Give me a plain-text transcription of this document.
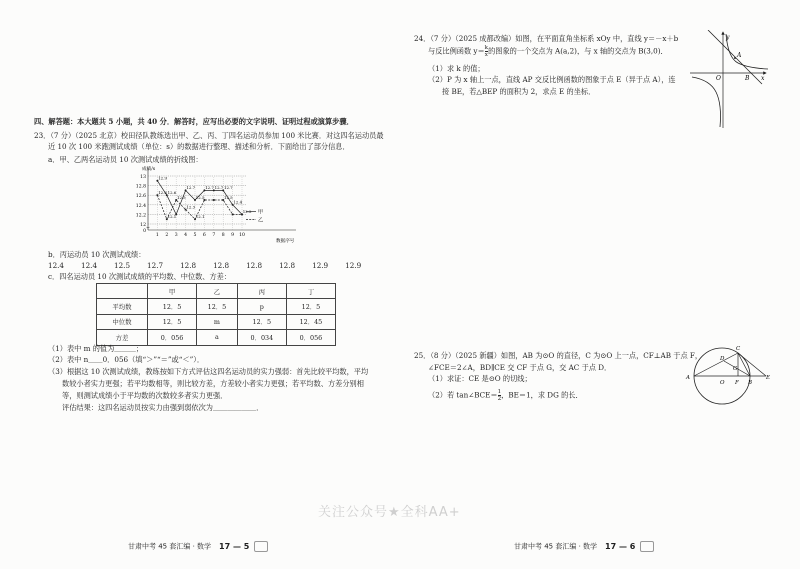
四、解答题：本大题共 5 小题，共 40 分．解答时，应写出必要的文字说明、证明过程或演算步骤．
23．（7 分）（2025 北京）校田径队教练选出甲、乙、丙、丁四名运动员参加 100 米比赛．对这四名运动员最
近 10 次 100 米跑测试成绩（单位：s）的数据进行整理、描述和分析．下面给出了部分信息．
a．甲、乙两名运动员 10 次测试成绩的折线图：
0
12
12.2
12.4
12.6
12.8
13
1 2 3 4 5 6 7 8 9 10
成绩/s
数据序号
甲
乙
12.9
12.6 12.6
12.7
12.5	12.5
12.7 12.7 12.7
12.5
12.4
12.3
12.2
12.1	12.1
b．丙运动员 10 次测试成绩：
12.4 12.4 12.5 12.7 12.8 12.8 12.8 12.8 12.9 12.9
c．四名运动员 10 次测试成绩的平均数、中位数、方差：
	甲	乙	丙	丁
平均数	12．5	12．5	p	12．5
中位数	12．5	m	12．5	12．45
方差	0．056	a	0．034	0．056
（1）表中 m 的值为＿＿＿；
（2）表中 n＿＿0．056（填“＞”“＝”或“＜”）．
（3）根据这 10 次测试成绩，教练按如下方式评估这四名运动员的实力强弱：首先比较平均数，平均
数较小者实力更强；若平均数相等，则比较方差，方差较小者实力更强；若平均数、方差分别相
等，则测试成绩小于平均数的次数较多者实力更强．
评估结果：这四名运动员按实力由强到弱依次为＿＿＿＿＿＿．
24．（7 分）（2025 成都改编）如图，在平面直角坐标系 xOy 中，直线 y＝－x＋b
与反比例函数 $y= \frac{k}{x}$ 的图象的一个交点为 A(a,2)，与 x 轴的交点为 B(3,0)．
（1）求 k 的值；
（2）P 为 x 轴上一点，直线 AP 交反比例函数的图象于点 E（异于点 A），连
接 BE，若△BEP 的面积为 2，求点 E 的坐标．
y
x
O
A
B
25．（8 分）（2025 新疆）如图，AB 为⊙O 的直径，C 为⊙O 上一点，CF⊥AB 于点 F，
∠FCE＝2∠A，BD∥CE 交 CF 于点 G，交 AC 于点 D．
（1）求证：CE 是⊙O 的切线；
（2）若 tan∠BCE＝ $\frac{1}{2}$ ，BE＝1，求 DG 的长．
A
C
D
G
O F B
E
关注公众号★全科AA+
甘肃中考 45 套汇编 · 数学 17 — 5	甘肃中考 45 套汇编 · 数学 17 — 6
